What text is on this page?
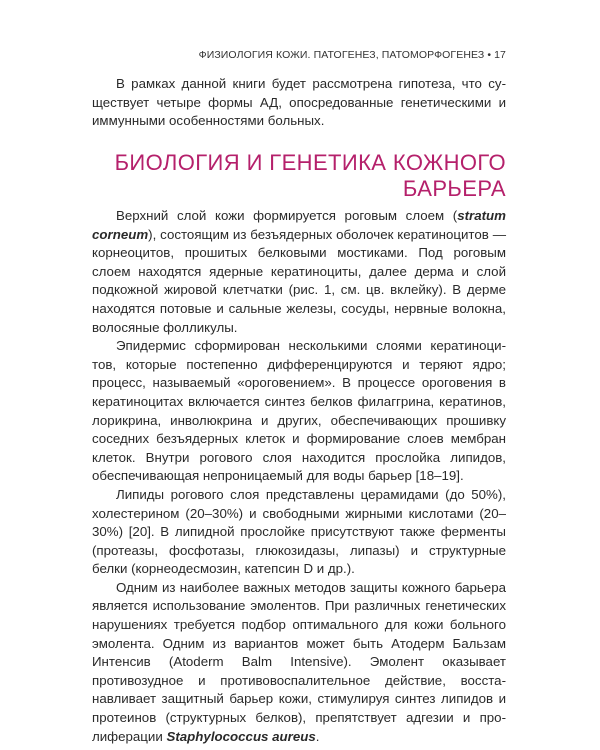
ФИЗИОЛОГИЯ КОЖИ. ПАТОГЕНЕЗ, ПАТОМОРФОГЕНЕЗ • 17

В рамках данной книги будет рассмотрена гипотеза, что существует четыре формы АД, опосредованные генетическими и иммунными особенностями больных.

БИОЛОГИЯ И ГЕНЕТИКА КОЖНОГО
БАРЬЕРА

Верхний слой кожи формируется роговым слоем (stratum corneum), состоящим из безъядерных оболочек кератиноцитов — корнеоцитов, прошитых белковыми мостиками. Под роговым слоем находятся ядерные кератиноциты, далее дерма и слой подкожной жировой клетчатки (рис. 1, см. цв. вклейку). В дерме находятся потовые и сальные железы, сосуды, нервные волокна, волосяные фолликулы.

Эпидермис сформирован несколькими слоями кератиноцитов, которые постепенно дифференцируются и теряют ядро; процесс, называемый «ороговением». В процессе ороговения в кератиноцитах включается синтез белков филаггрина, кератинов, лорикрина, инволюкрина и других, обеспечивающих прошивку соседних безъядерных клеток и формирование слоев мембран клеток. Внутри рогового слоя находится прослойка липидов, обеспечивающая непроницаемый для воды барьер [18–19].

Липиды рогового слоя представлены церамидами (до 50%), холестерином (20–30%) и свободными жирными кислотами (20–30%) [20]. В липидной прослойке присутствуют также ферменты (протеазы, фосфотазы, глюкозидазы, липазы) и структурные белки (корнеодесмозин, катепсин D и др.).

Одним из наиболее важных методов защиты кожного барьера является использование эмолентов. При различных генетических нарушениях требуется подбор оптимального для кожи больного эмолента. Одним из вариантов может быть Атодерм Бальзам Интенсив (Atoderm Balm Intensive). Эмолент оказывает противозудное и противовоспалительное действие, восстанавливает защитный барьер кожи, стимулируя синтез липидов и протеинов (структурных белков), препятствует адгезии и пролиферации Staphylococcus aureus.
